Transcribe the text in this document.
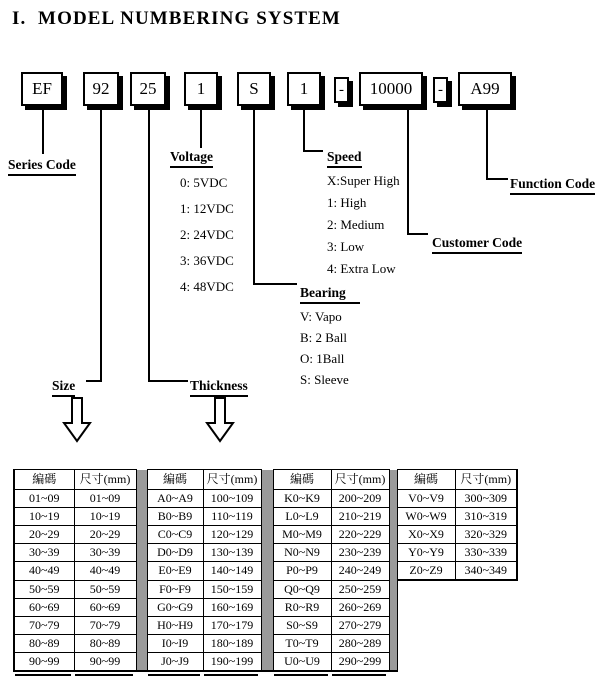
I.  MODEL NUMBERING SYSTEM
EF	92	25	1	S	1	-	10000	-	A99
Series Code
Voltage
0: 5VDC
1: 12VDC
2: 24VDC
3: 36VDC
4: 48VDC
Speed
X:Super High
1: High
2: Medium
3: Low
4: Extra Low
Bearing
V: Vapo
B: 2 Ball
O: 1Ball
S: Sleeve
Function Code
Customer Code
Size	Thickness
編碼	尺寸(mm)		編碼	尺寸(mm)		編碼	尺寸(mm)		編碼	尺寸(mm)
01~09	01~09		A0~A9	100~109		K0~K9	200~209		V0~V9	300~309
10~19	10~19		B0~B9	110~119		L0~L9	210~219		W0~W9	310~319
20~29	20~29		C0~C9	120~129		M0~M9	220~229		X0~X9	320~329
30~39	30~39		D0~D9	130~139		N0~N9	230~239		Y0~Y9	330~339
40~49	40~49		E0~E9	140~149		P0~P9	240~249		Z0~Z9	340~349
50~59	50~59		F0~F9	150~159		Q0~Q9	250~259			
60~69	60~69		G0~G9	160~169		R0~R9	260~269			
70~79	70~79		H0~H9	170~179		S0~S9	270~279			
80~89	80~89		I0~I9	180~189		T0~T9	280~289			
90~99	90~99		J0~J9	190~199		U0~U9	290~299			
